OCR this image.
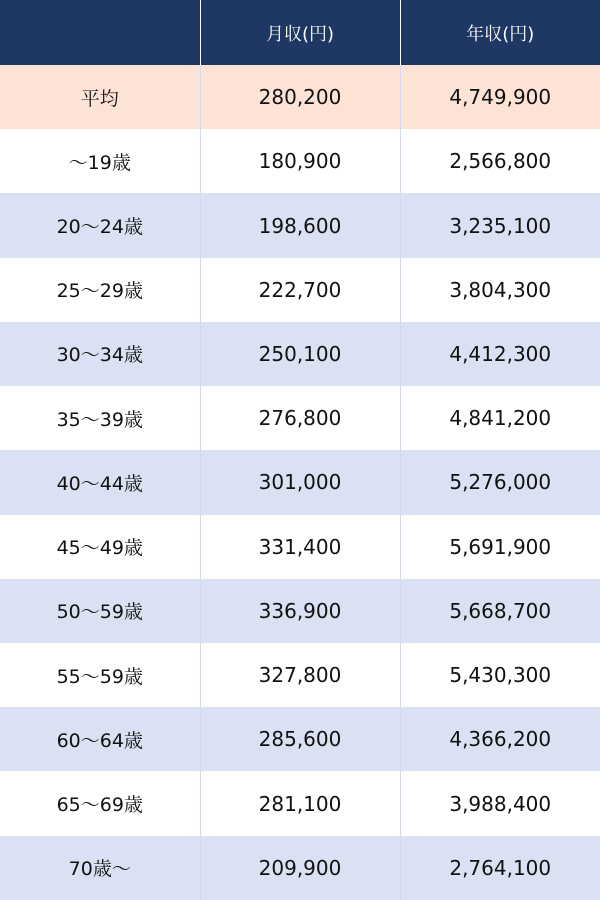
	月収(円)	年収(円)
平均	280,200	4,749,900
～19歳	180,900	2,566,800
20～24歳	198,600	3,235,100
25～29歳	222,700	3,804,300
30～34歳	250,100	4,412,300
35～39歳	276,800	4,841,200
40～44歳	301,000	5,276,000
45～49歳	331,400	5,691,900
50～59歳	336,900	5,668,700
55～59歳	327,800	5,430,300
60～64歳	285,600	4,366,200
65～69歳	281,100	3,988,400
70歳～	209,900	2,764,100
